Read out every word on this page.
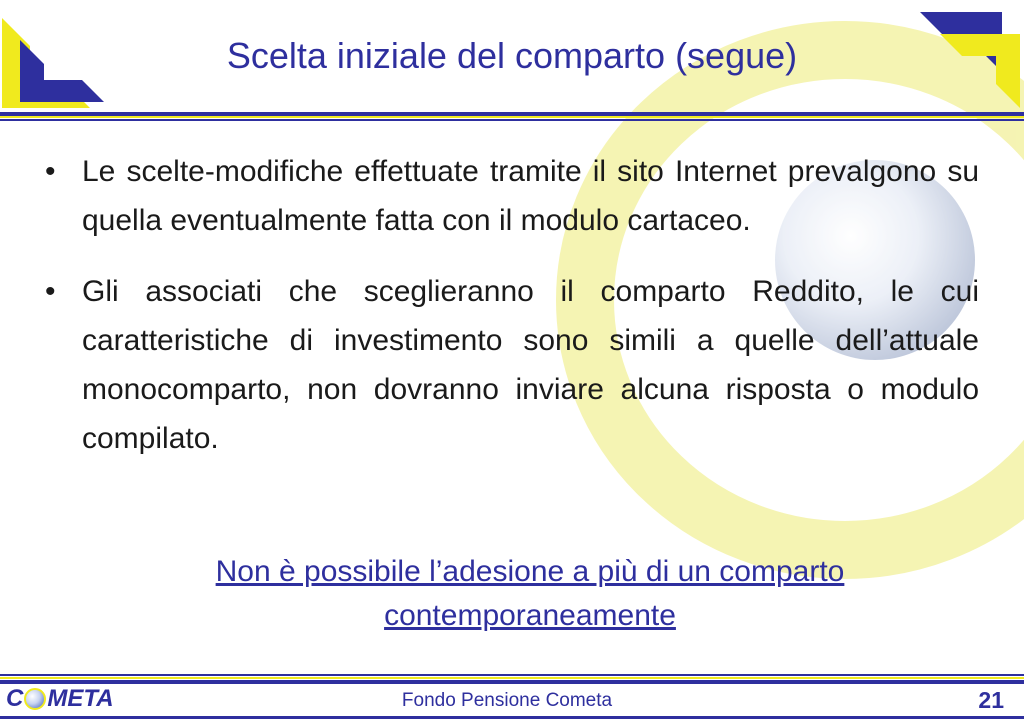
Scelta iniziale del comparto (segue)
• Le scelte-modifiche effettuate tramite il sito Internet prevalgono su quella eventualmente fatta con il modulo cartaceo.
• Gli associati che sceglieranno il comparto Reddito, le cui caratteristiche di investimento sono simili a quelle dell’attuale monocomparto, non dovranno inviare alcuna risposta o modulo compilato.

Non è possibile l’adesione a più di un comparto contemporaneamente

C META	Fondo Pensione Cometa	21
